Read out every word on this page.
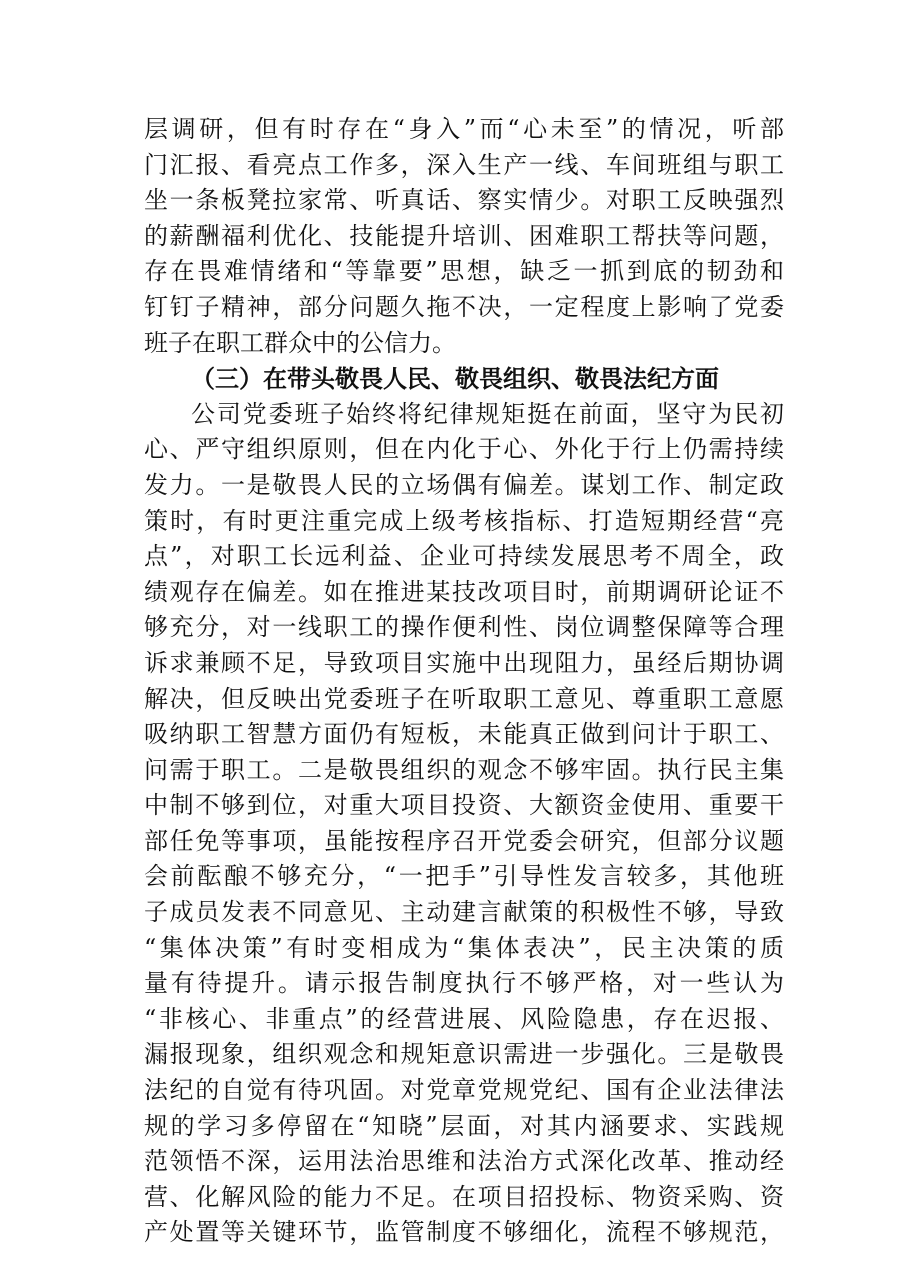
层调研，但有时存在“身入”而“心未至”的情况，听部
门汇报、看亮点工作多，深入生产一线、车间班组与职工
坐一条板凳拉家常、听真话、察实情少。对职工反映强烈
的薪酬福利优化、技能提升培训、困难职工帮扶等问题，
存在畏难情绪和“等靠要”思想，缺乏一抓到底的韧劲和
钉钉子精神，部分问题久拖不决，一定程度上影响了党委
班子在职工群众中的公信力。
（三）在带头敬畏人民、敬畏组织、敬畏法纪方面
公司党委班子始终将纪律规矩挺在前面，坚守为民初
心、严守组织原则，但在内化于心、外化于行上仍需持续
发力。一是敬畏人民的立场偶有偏差。谋划工作、制定政
策时，有时更注重完成上级考核指标、打造短期经营“亮
点”，对职工长远利益、企业可持续发展思考不周全，政
绩观存在偏差。如在推进某技改项目时，前期调研论证不
够充分，对一线职工的操作便利性、岗位调整保障等合理
诉求兼顾不足，导致项目实施中出现阻力，虽经后期协调
解决，但反映出党委班子在听取职工意见、尊重职工意愿
吸纳职工智慧方面仍有短板，未能真正做到问计于职工、
问需于职工。二是敬畏组织的观念不够牢固。执行民主集
中制不够到位，对重大项目投资、大额资金使用、重要干
部任免等事项，虽能按程序召开党委会研究，但部分议题
会前酝酿不够充分，“一把手”引导性发言较多，其他班
子成员发表不同意见、主动建言献策的积极性不够，导致
“集体决策”有时变相成为“集体表决”，民主决策的质
量有待提升。请示报告制度执行不够严格，对一些认为
“非核心、非重点”的经营进展、风险隐患，存在迟报、
漏报现象，组织观念和规矩意识需进一步强化。三是敬畏
法纪的自觉有待巩固。对党章党规党纪、国有企业法律法
规的学习多停留在“知晓”层面，对其内涵要求、实践规
范领悟不深，运用法治思维和法治方式深化改革、推动经
营、化解风险的能力不足。在项目招投标、物资采购、资
产处置等关键环节，监管制度不够细化，流程不够规范，
